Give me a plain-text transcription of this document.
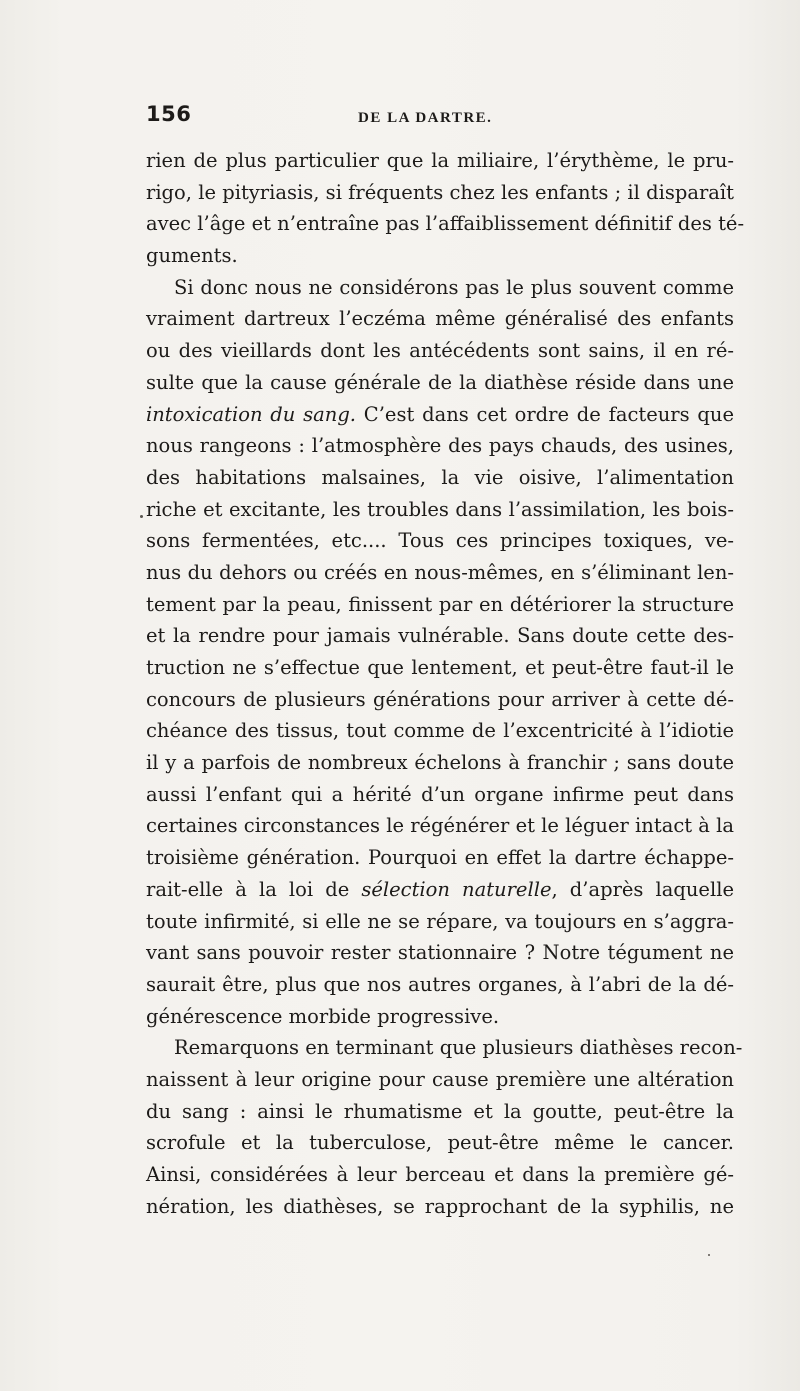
156	DE LA DARTRE.
rien de plus particulier que la miliaire, l’érythème, le pru-
rigo, le pityriasis, si fréquents chez les enfants ; il disparaît
avec l’âge et n’entraîne pas l’affaiblissement définitif des té-
guments.
Si donc nous ne considérons pas le plus souvent comme
vraiment dartreux l’eczéma même généralisé des enfants
ou des vieillards dont les antécédents sont sains, il en ré-
sulte que la cause générale de la diathèse réside dans une
intoxication du sang. C’est dans cet ordre de facteurs que
nous rangeons : l’atmosphère des pays chauds, des usines,
des habitations malsaines, la vie oisive, l’alimentation
riche et excitante, les troubles dans l’assimilation, les bois-
sons fermentées, etc.... Tous ces principes toxiques, ve-
nus du dehors ou créés en nous-mêmes, en s’éliminant len-
tement par la peau, finissent par en détériorer la structure
et la rendre pour jamais vulnérable. Sans doute cette des-
truction ne s’effectue que lentement, et peut-être faut-il le
concours de plusieurs générations pour arriver à cette dé-
chéance des tissus, tout comme de l’excentricité à l’idiotie
il y a parfois de nombreux échelons à franchir ; sans doute
aussi l’enfant qui a hérité d’un organe infirme peut dans
certaines circonstances le régénérer et le léguer intact à la
troisième génération. Pourquoi en effet la dartre échappe-
rait-elle à la loi de sélection naturelle, d’après laquelle
toute infirmité, si elle ne se répare, va toujours en s’aggra-
vant sans pouvoir rester stationnaire ? Notre tégument ne
saurait être, plus que nos autres organes, à l’abri de la dé-
générescence morbide progressive.
Remarquons en terminant que plusieurs diathèses recon-
naissent à leur origine pour cause première une altération
du sang : ainsi le rhumatisme et la goutte, peut-être la
scrofule et la tuberculose, peut-être même le cancer.
Ainsi, considérées à leur berceau et dans la première gé-
nération, les diathèses, se rapprochant de la syphilis, ne
